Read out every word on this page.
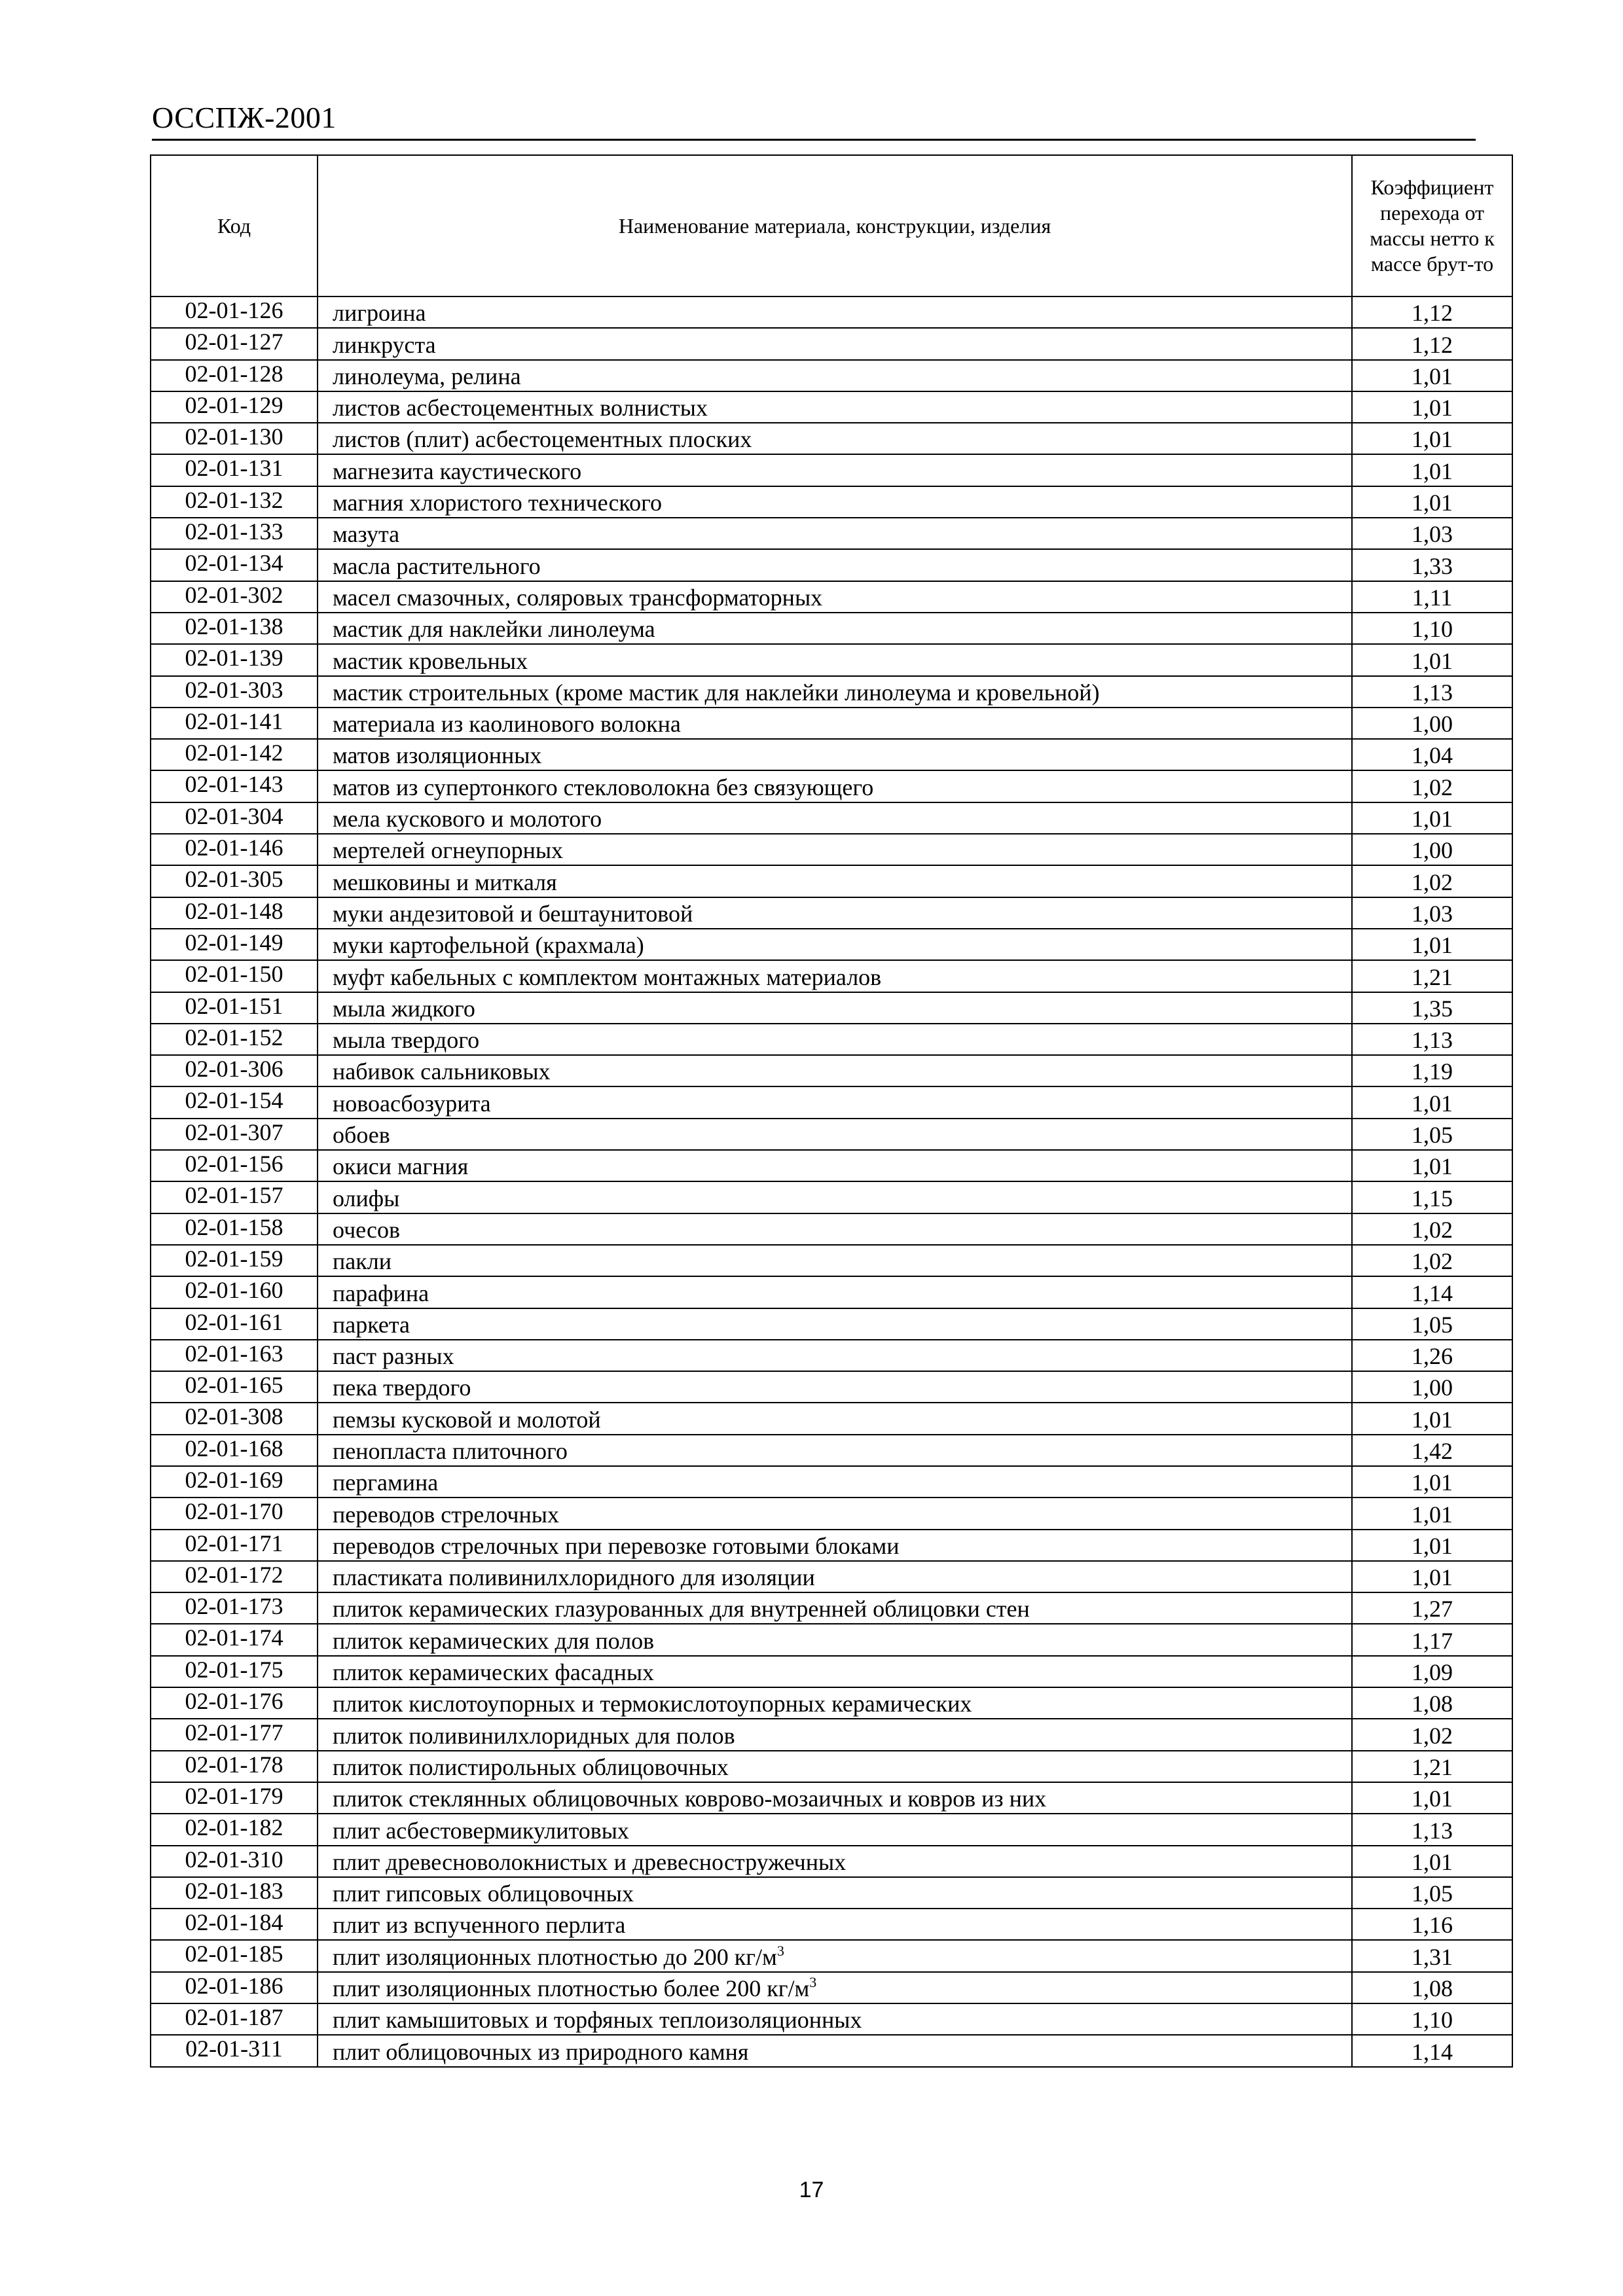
ОССПЖ-2001
Код	Наименование материала, конструкции, изделия	Коэффициент перехода от массы нетто к массе брут-то
02-01-126	лигроина	1,12
02-01-127	линкруста	1,12
02-01-128	линолеума, релина	1,01
02-01-129	листов асбестоцементных волнистых	1,01
02-01-130	листов (плит) асбестоцементных плоских	1,01
02-01-131	магнезита каустического	1,01
02-01-132	магния хлористого технического	1,01
02-01-133	мазута	1,03
02-01-134	масла растительного	1,33
02-01-302	масел смазочных, соляровых трансформаторных	1,11
02-01-138	мастик для наклейки линолеума	1,10
02-01-139	мастик кровельных	1,01
02-01-303	мастик строительных (кроме мастик для наклейки линолеума и кровельной)	1,13
02-01-141	материала из каолинового волокна	1,00
02-01-142	матов изоляционных	1,04
02-01-143	матов из супертонкого стекловолокна без связующего	1,02
02-01-304	мела кускового и молотого	1,01
02-01-146	мертелей огнеупорных	1,00
02-01-305	мешковины и миткаля	1,02
02-01-148	муки андезитовой и бештаунитовой	1,03
02-01-149	муки картофельной (крахмала)	1,01
02-01-150	муфт кабельных с комплектом монтажных материалов	1,21
02-01-151	мыла жидкого	1,35
02-01-152	мыла твердого	1,13
02-01-306	набивок сальниковых	1,19
02-01-154	новоасбозурита	1,01
02-01-307	обоев	1,05
02-01-156	окиси магния	1,01
02-01-157	олифы	1,15
02-01-158	очесов	1,02
02-01-159	пакли	1,02
02-01-160	парафина	1,14
02-01-161	паркета	1,05
02-01-163	паст разных	1,26
02-01-165	пека твердого	1,00
02-01-308	пемзы кусковой и молотой	1,01
02-01-168	пенопласта плиточного	1,42
02-01-169	пергамина	1,01
02-01-170	переводов стрелочных	1,01
02-01-171	переводов стрелочных при перевозке готовыми блоками	1,01
02-01-172	пластиката поливинилхлоридного для изоляции	1,01
02-01-173	плиток керамических глазурованных для внутренней облицовки стен	1,27
02-01-174	плиток керамических для полов	1,17
02-01-175	плиток керамических фасадных	1,09
02-01-176	плиток кислотоупорных и термокислотоупорных керамических	1,08
02-01-177	плиток поливинилхлоридных для полов	1,02
02-01-178	плиток полистирольных облицовочных	1,21
02-01-179	плиток стеклянных облицовочных коврово-мозаичных и ковров из них	1,01
02-01-182	плит асбестовермикулитовых	1,13
02-01-310	плит древесноволокнистых и древесностружечных	1,01
02-01-183	плит гипсовых облицовочных	1,05
02-01-184	плит из вспученного перлита	1,16
02-01-185	плит изоляционных плотностью до 200 $кг/м^3$	1,31
02-01-186	плит изоляционных плотностью более 200 $кг/м^3$	1,08
02-01-187	плит камышитовых и торфяных теплоизоляционных	1,10
02-01-311	плит облицовочных из природного камня	1,14
17
